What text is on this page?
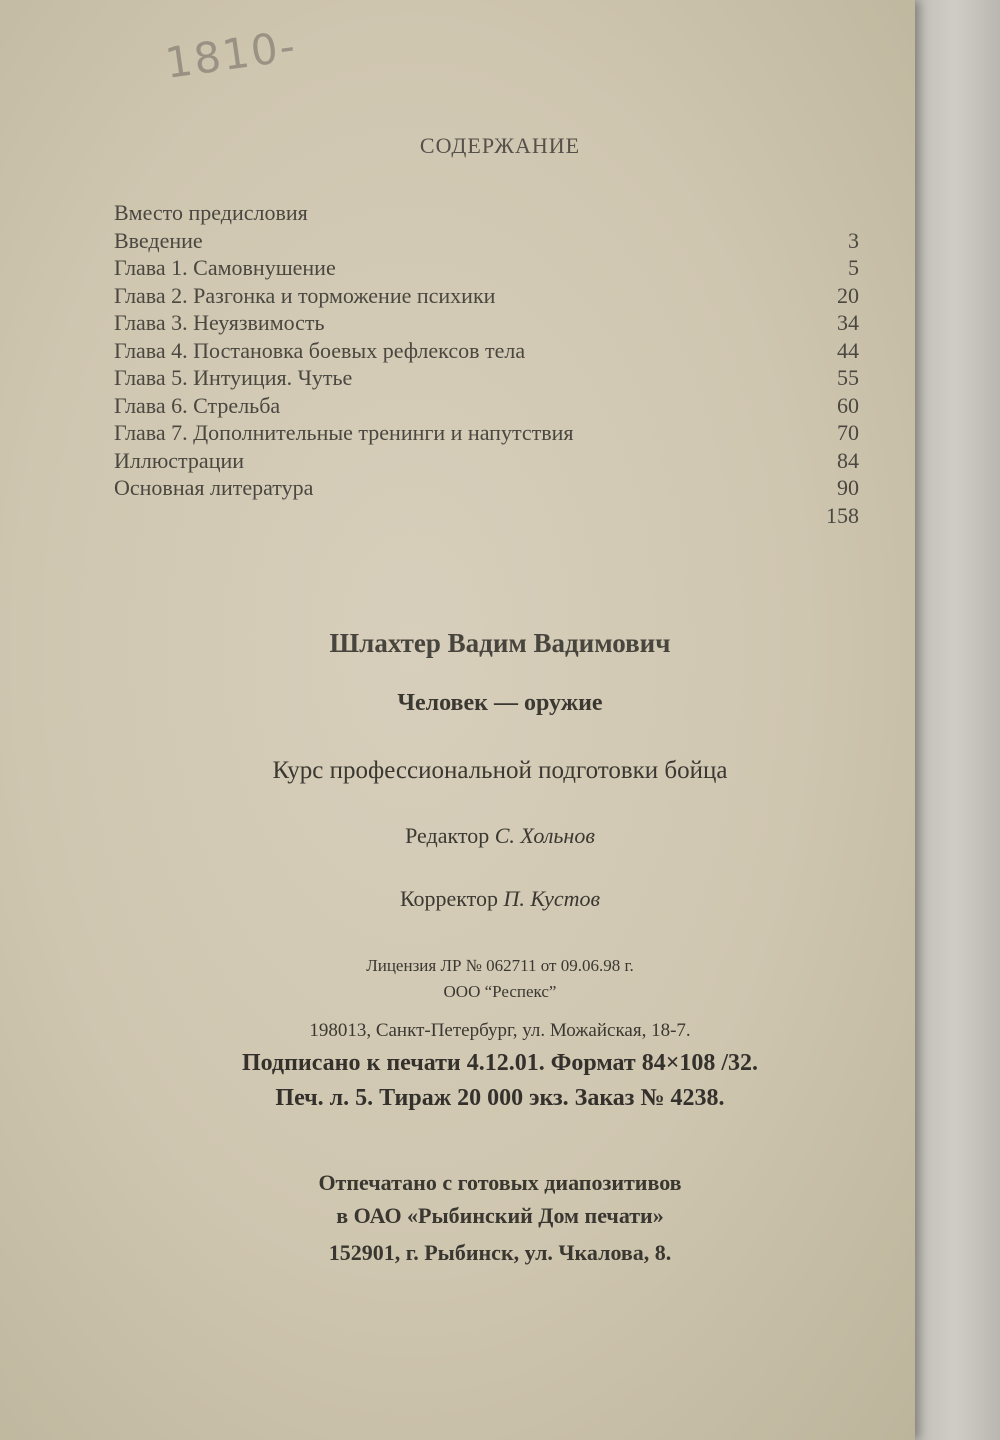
1810-
СОДЕРЖАНИЕ
Вместо предисловия
Введение	3
Глава 1. Самовнушение	5
Глава 2. Разгонка и торможение психики	20
Глава 3. Неуязвимость	34
Глава 4. Постановка боевых рефлексов тела	44
Глава 5. Интуиция. Чутье	55
Глава 6. Стрельба	60
Глава 7. Дополнительные тренинги и напутствия	70
Иллюстрации	84
Основная литература	90
158
Шлахтер Вадим Вадимович
Человек — оружие
Курс профессиональной подготовки бойца
Редактор С. Хольнов
Корректор П. Кустов
Лицензия ЛР № 062711 от 09.06.98 г.
ООО “Респекс”
198013, Санкт-Петербург, ул. Можайская, 18-7.
Подписано к печати 4.12.01. Формат 84×108 /32.
Печ. л. 5. Тираж 20 000 экз. Заказ № 4238.
Отпечатано с готовых диапозитивов
в ОАО «Рыбинский Дом печати»
152901, г. Рыбинск, ул. Чкалова, 8.
